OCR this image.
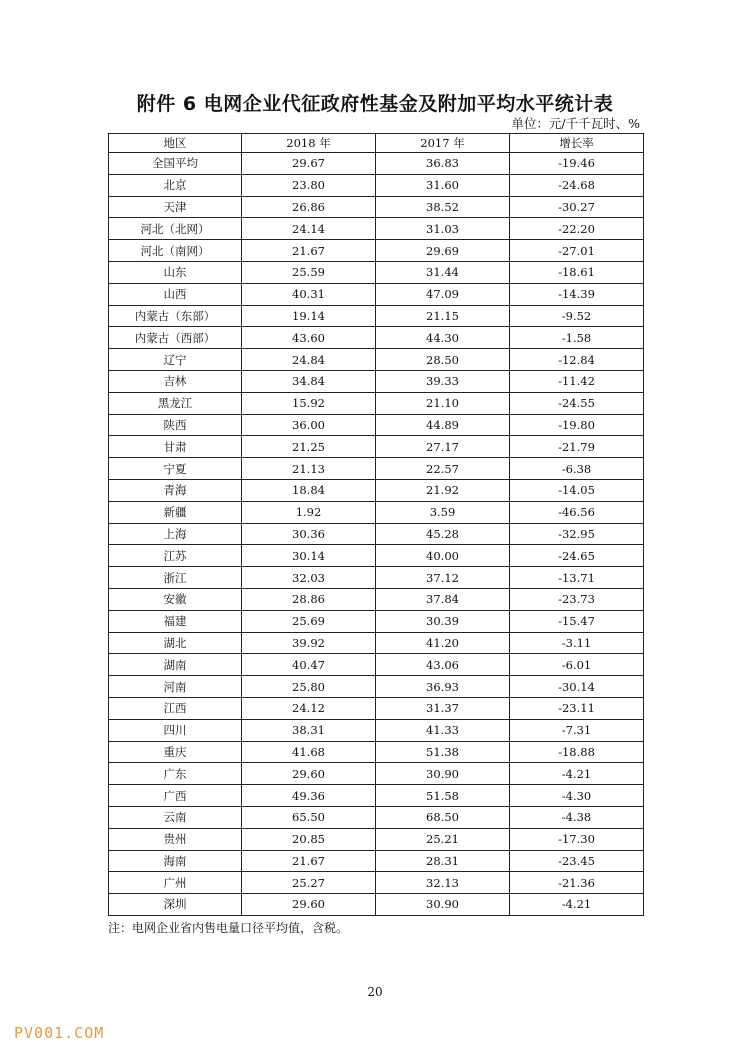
附件 6 电网企业代征政府性基金及附加平均水平统计表
单位：元/千千瓦时、%
地区	2018 年	2017 年	增长率
全国平均	29.67	36.83	-19.46
北京	23.80	31.60	-24.68
天津	26.86	38.52	-30.27
河北（北网）	24.14	31.03	-22.20
河北（南网）	21.67	29.69	-27.01
山东	25.59	31.44	-18.61
山西	40.31	47.09	-14.39
内蒙古（东部）	19.14	21.15	-9.52
内蒙古（西部）	43.60	44.30	-1.58
辽宁	24.84	28.50	-12.84
吉林	34.84	39.33	-11.42
黑龙江	15.92	21.10	-24.55
陕西	36.00	44.89	-19.80
甘肃	21.25	27.17	-21.79
宁夏	21.13	22.57	-6.38
青海	18.84	21.92	-14.05
新疆	1.92	3.59	-46.56
上海	30.36	45.28	-32.95
江苏	30.14	40.00	-24.65
浙江	32.03	37.12	-13.71
安徽	28.86	37.84	-23.73
福建	25.69	30.39	-15.47
湖北	39.92	41.20	-3.11
湖南	40.47	43.06	-6.01
河南	25.80	36.93	-30.14
江西	24.12	31.37	-23.11
四川	38.31	41.33	-7.31
重庆	41.68	51.38	-18.88
广东	29.60	30.90	-4.21
广西	49.36	51.58	-4.30
云南	65.50	68.50	-4.38
贵州	20.85	25.21	-17.30
海南	21.67	28.31	-23.45
广州	25.27	32.13	-21.36
深圳	29.60	30.90	-4.21
注：电网企业省内售电量口径平均值，含税。
20
PV001.COM
